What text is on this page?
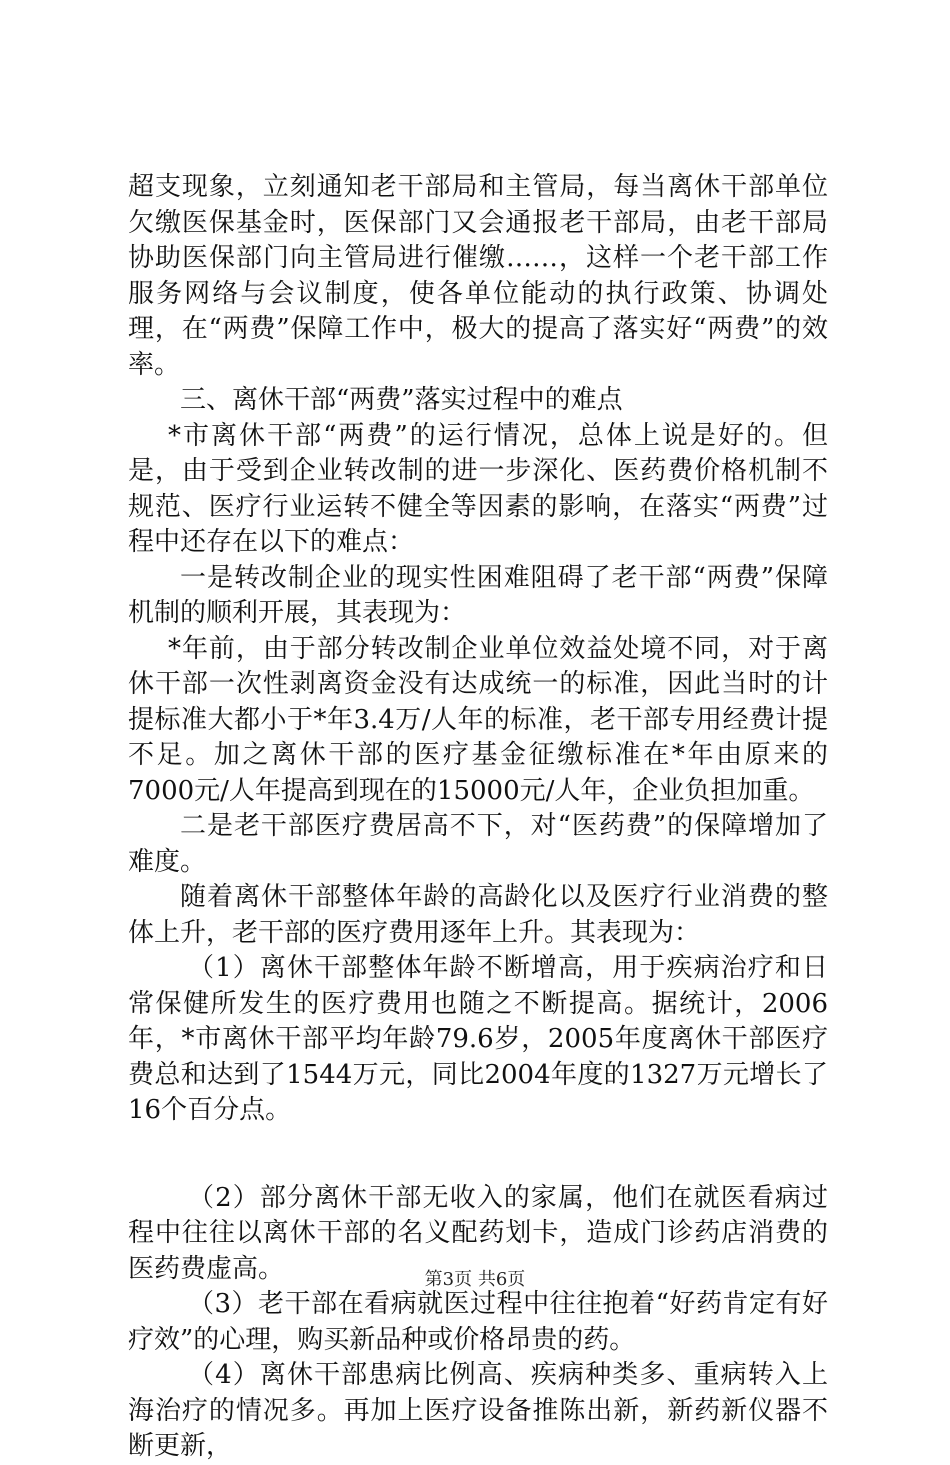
超支现象，立刻通知老干部局和主管局，每当离休干部单位欠缴医保基金时，医保部门又会通报老干部局，由老干部局协助医保部门向主管局进行催缴……，这样一个老干部工作服务网络与会议制度，使各单位能动的执行政策、协调处理，在“两费”保障工作中，极大的提高了落实好“两费”的效率。

三、离休干部“两费”落实过程中的难点

*市离休干部“两费”的运行情况，总体上说是好的。但是，由于受到企业转改制的进一步深化、医药费价格机制不规范、医疗行业运转不健全等因素的影响，在落实“两费”过程中还存在以下的难点：

一是转改制企业的现实性困难阻碍了老干部“两费”保障机制的顺利开展，其表现为：

*年前，由于部分转改制企业单位效益处境不同，对于离休干部一次性剥离资金没有达成统一的标准，因此当时的计提标准大都小于*年3.4万/人年的标准，老干部专用经费计提不足。加之离休干部的医疗基金征缴标准在*年由原来的7000元/人年提高到现在的15000元/人年，企业负担加重。

二是老干部医疗费居高不下，对“医药费”的保障增加了难度。

随着离休干部整体年龄的高龄化以及医疗行业消费的整体上升，老干部的医疗费用逐年上升。其表现为：

（1）离休干部整体年龄不断增高，用于疾病治疗和日常保健所发生的医疗费用也随之不断提高。据统计，2006年，*市离休干部平均年龄79.6岁，2005年度离休干部医疗费总和达到了1544万元，同比2004年度的1327万元增长了16个百分点。

（2）部分离休干部无收入的家属，他们在就医看病过程中往往以离休干部的名义配药划卡，造成门诊药店消费的医药费虚高。

（3）老干部在看病就医过程中往往抱着“好药肯定有好疗效”的心理，购买新品种或价格昂贵的药。

（4）离休干部患病比例高、疾病种类多、重病转入上海治疗的情况多。再加上医疗设备推陈出新，新药新仪器不断更新，

第3页 共6页
